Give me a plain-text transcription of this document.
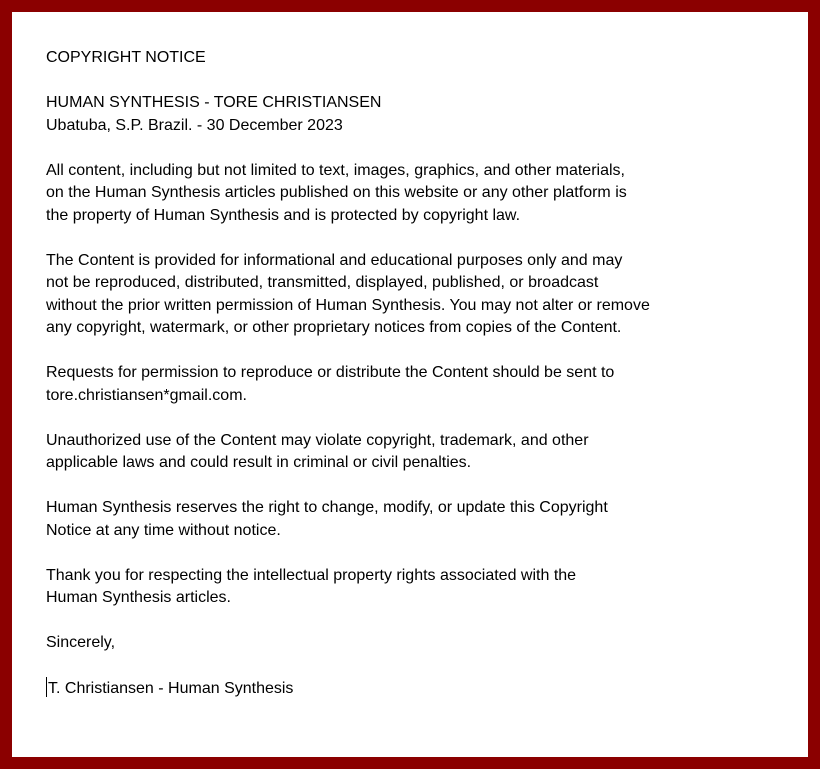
COPYRIGHT NOTICE
HUMAN SYNTHESIS - TORE CHRISTIANSEN
Ubatuba, S.P. Brazil. - 30 December 2023
All content, including but not limited to text, images, graphics, and other materials,
on the Human Synthesis articles published on this website or any other platform is
the property of Human Synthesis and is protected by copyright law.
The Content is provided for informational and educational purposes only and may
not be reproduced, distributed, transmitted, displayed, published, or broadcast
without the prior written permission of Human Synthesis. You may not alter or remove
any copyright, watermark, or other proprietary notices from copies of the Content.
Requests for permission to reproduce or distribute the Content should be sent to
tore.christiansen*gmail.com.
Unauthorized use of the Content may violate copyright, trademark, and other
applicable laws and could result in criminal or civil penalties.
Human Synthesis reserves the right to change, modify, or update this Copyright
Notice at any time without notice.
Thank you for respecting the intellectual property rights associated with the
Human Synthesis articles.
Sincerely,
T. Christiansen - Human Synthesis
